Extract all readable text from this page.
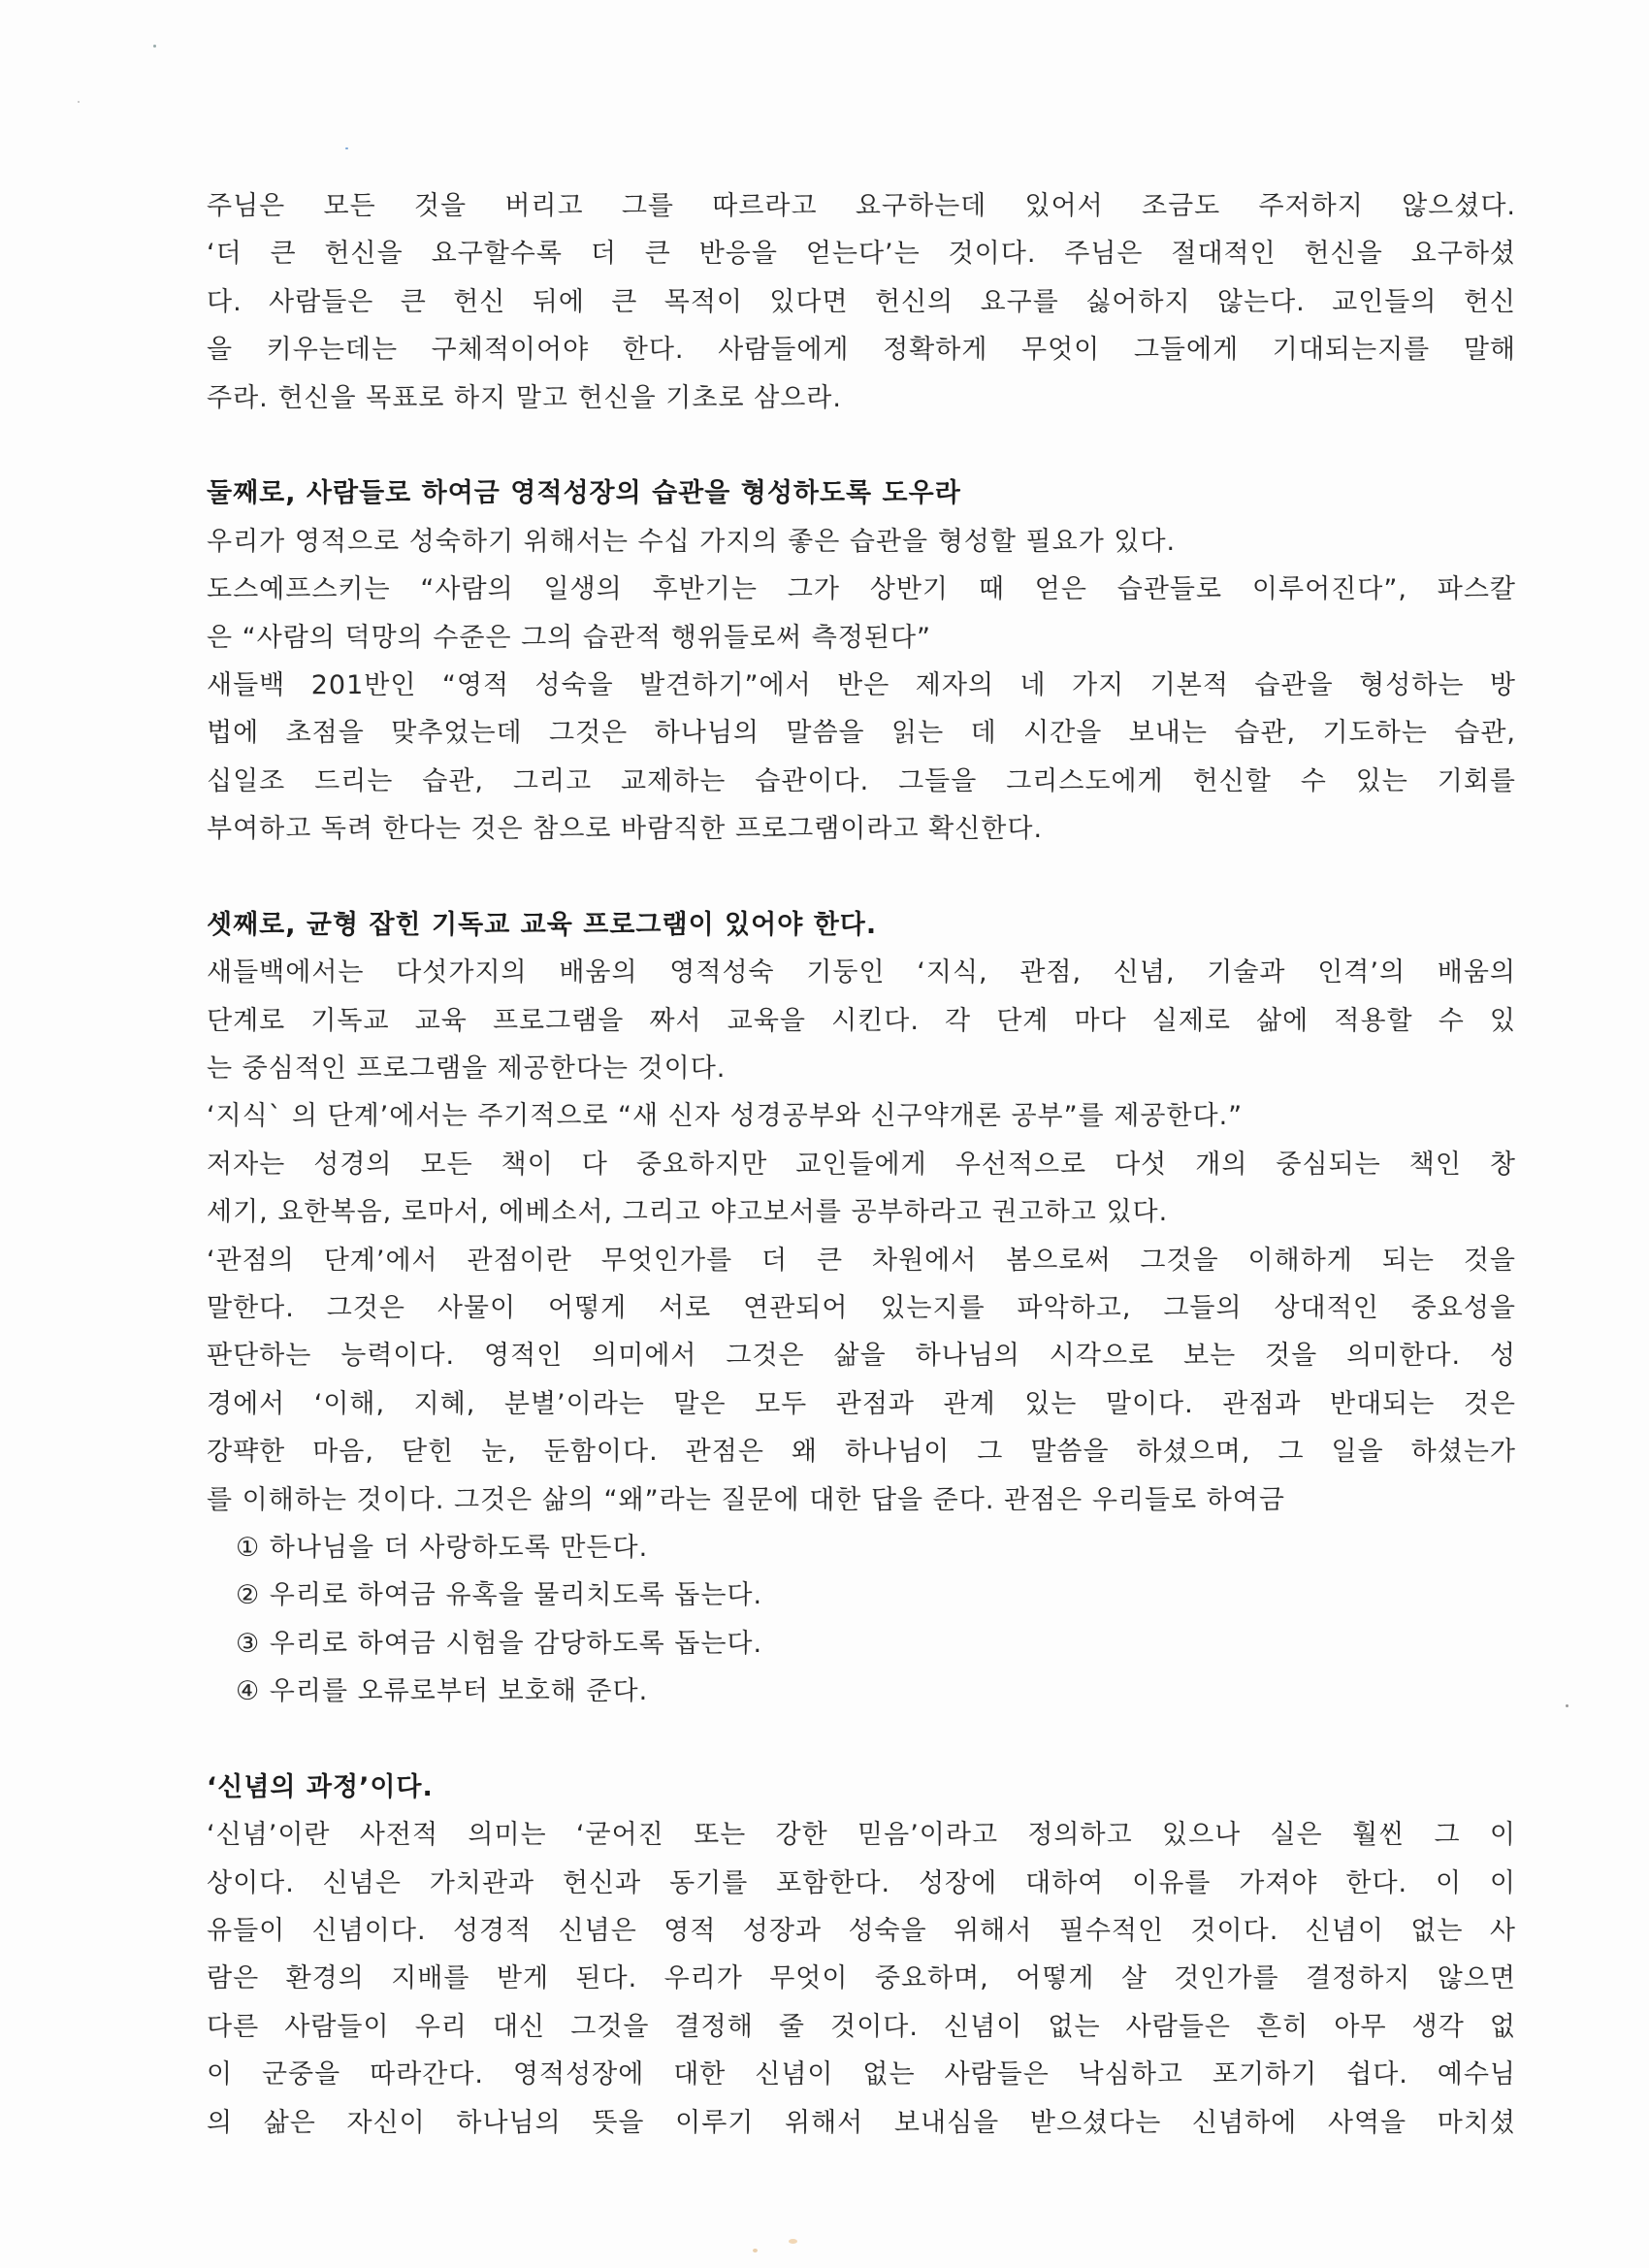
주님은 모든 것을 버리고 그를 따르라고 요구하는데 있어서 조금도 주저하지 않으셨다.
‘더 큰 헌신을 요구할수록 더 큰 반응을 얻는다’는 것이다. 주님은 절대적인 헌신을 요구하셨
다. 사람들은 큰 헌신 뒤에 큰 목적이 있다면 헌신의 요구를 싫어하지 않는다. 교인들의 헌신
을 키우는데는 구체적이어야 한다. 사람들에게 정확하게 무엇이 그들에게 기대되는지를 말해
주라. 헌신을 목표로 하지 말고 헌신을 기초로 삼으라.
둘째로, 사람들로 하여금 영적성장의 습관을 형성하도록 도우라
우리가 영적으로 성숙하기 위해서는 수십 가지의 좋은 습관을 형성할 필요가 있다.
도스예프스키는 “사람의 일생의 후반기는 그가 상반기 때 얻은 습관들로 이루어진다”, 파스칼
은 “사람의 덕망의 수준은 그의 습관적 행위들로써 측정된다”
새들백 201반인 “영적 성숙을 발견하기”에서 반은 제자의 네 가지 기본적 습관을 형성하는 방
법에 초점을 맞추었는데 그것은 하나님의 말씀을 읽는 데 시간을 보내는 습관, 기도하는 습관,
십일조 드리는 습관, 그리고 교제하는 습관이다. 그들을 그리스도에게 헌신할 수 있는 기회를
부여하고 독려 한다는 것은 참으로 바람직한 프로그램이라고 확신한다.
셋째로, 균형 잡힌 기독교 교육 프로그램이 있어야 한다.
새들백에서는 다섯가지의 배움의 영적성숙 기둥인 ‘지식, 관점, 신념, 기술과 인격’의 배움의
단계로 기독교 교육 프로그램을 짜서 교육을 시킨다. 각 단계 마다 실제로 삶에 적용할 수 있
는 중심적인 프로그램을 제공한다는 것이다.
‘지식` 의 단계’에서는 주기적으로 “새 신자 성경공부와 신구약개론 공부”를 제공한다.”
저자는 성경의 모든 책이 다 중요하지만 교인들에게 우선적으로 다섯 개의 중심되는 책인 창
세기, 요한복음, 로마서, 에베소서, 그리고 야고보서를 공부하라고 권고하고 있다.
‘관점의 단계’에서 관점이란 무엇인가를 더 큰 차원에서 봄으로써 그것을 이해하게 되는 것을
말한다. 그것은 사물이 어떻게 서로 연관되어 있는지를 파악하고, 그들의 상대적인 중요성을
판단하는 능력이다. 영적인 의미에서 그것은 삶을 하나님의 시각으로 보는 것을 의미한다. 성
경에서 ‘이해, 지혜, 분별’이라는 말은 모두 관점과 관계 있는 말이다. 관점과 반대되는 것은
강퍅한 마음, 닫힌 눈, 둔함이다. 관점은 왜 하나님이 그 말씀을 하셨으며, 그 일을 하셨는가
를 이해하는 것이다. 그것은 삶의 “왜”라는 질문에 대한 답을 준다. 관점은 우리들로 하여금
① 하나님을 더 사랑하도록 만든다.
② 우리로 하여금 유혹을 물리치도록 돕는다.
③ 우리로 하여금 시험을 감당하도록 돕는다.
④ 우리를 오류로부터 보호해 준다.
‘신념의 과정’이다.
‘신념’이란 사전적 의미는 ‘굳어진 또는 강한 믿음’이라고 정의하고 있으나 실은 훨씬 그 이
상이다. 신념은 가치관과 헌신과 동기를 포함한다. 성장에 대하여 이유를 가져야 한다. 이 이
유들이 신념이다. 성경적 신념은 영적 성장과 성숙을 위해서 필수적인 것이다. 신념이 없는 사
람은 환경의 지배를 받게 된다. 우리가 무엇이 중요하며, 어떻게 살 것인가를 결정하지 않으면
다른 사람들이 우리 대신 그것을 결정해 줄 것이다. 신념이 없는 사람들은 흔히 아무 생각 없
이 군중을 따라간다. 영적성장에 대한 신념이 없는 사람들은 낙심하고 포기하기 쉽다. 예수님
의 삶은 자신이 하나님의 뜻을 이루기 위해서 보내심을 받으셨다는 신념하에 사역을 마치셨
